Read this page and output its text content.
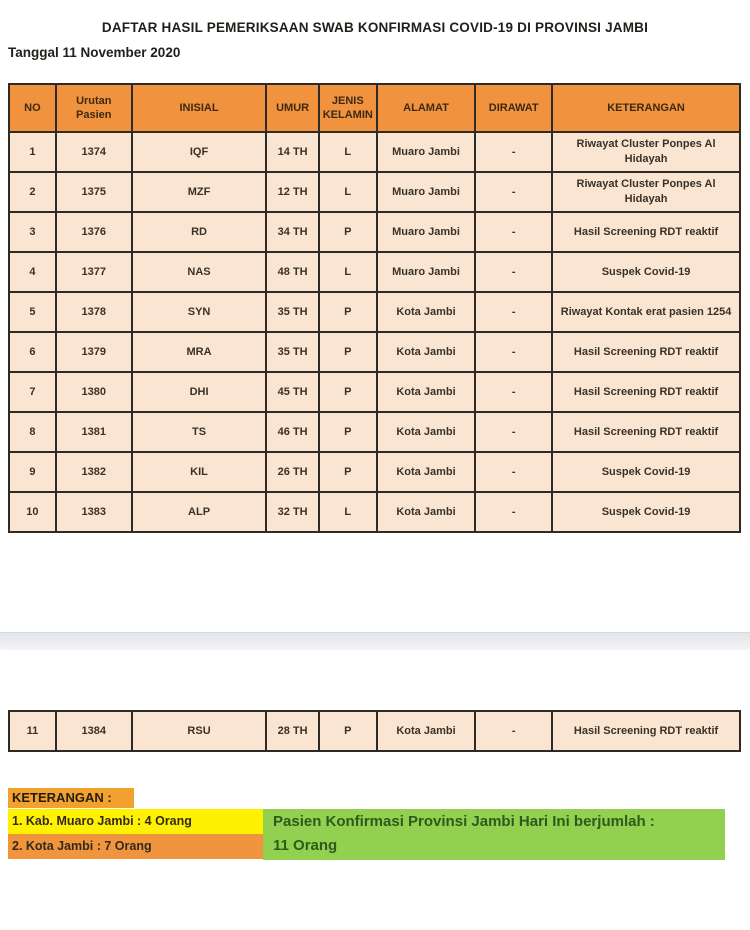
DAFTAR HASIL PEMERIKSAAN SWAB KONFIRMASI COVID-19 DI PROVINSI JAMBI
Tanggal 11 November 2020
NO	Urutan Pasien	INISIAL	UMUR	JENIS KELAMIN	ALAMAT	DIRAWAT	KETERANGAN
1	1374	IQF	14 TH	L	Muaro Jambi	-	Riwayat Cluster Ponpes Al Hidayah
2	1375	MZF	12 TH	L	Muaro Jambi	-	Riwayat Cluster Ponpes Al Hidayah
3	1376	RD	34 TH	P	Muaro Jambi	-	Hasil Screening RDT reaktif
4	1377	NAS	48 TH	L	Muaro Jambi	-	Suspek Covid-19
5	1378	SYN	35 TH	P	Kota Jambi	-	Riwayat Kontak erat pasien 1254
6	1379	MRA	35 TH	P	Kota Jambi	-	Hasil Screening RDT reaktif
7	1380	DHI	45 TH	P	Kota Jambi	-	Hasil Screening RDT reaktif
8	1381	TS	46 TH	P	Kota Jambi	-	Hasil Screening RDT reaktif
9	1382	KIL	26 TH	P	Kota Jambi	-	Suspek Covid-19
10	1383	ALP	32 TH	L	Kota Jambi	-	Suspek Covid-19
11	1384	RSU	28 TH	P	Kota Jambi	-	Hasil Screening RDT reaktif
KETERANGAN :
1. Kab. Muaro Jambi : 4 Orang
2. Kota Jambi : 7 Orang
Pasien Konfirmasi Provinsi Jambi Hari Ini berjumlah :
11 Orang
